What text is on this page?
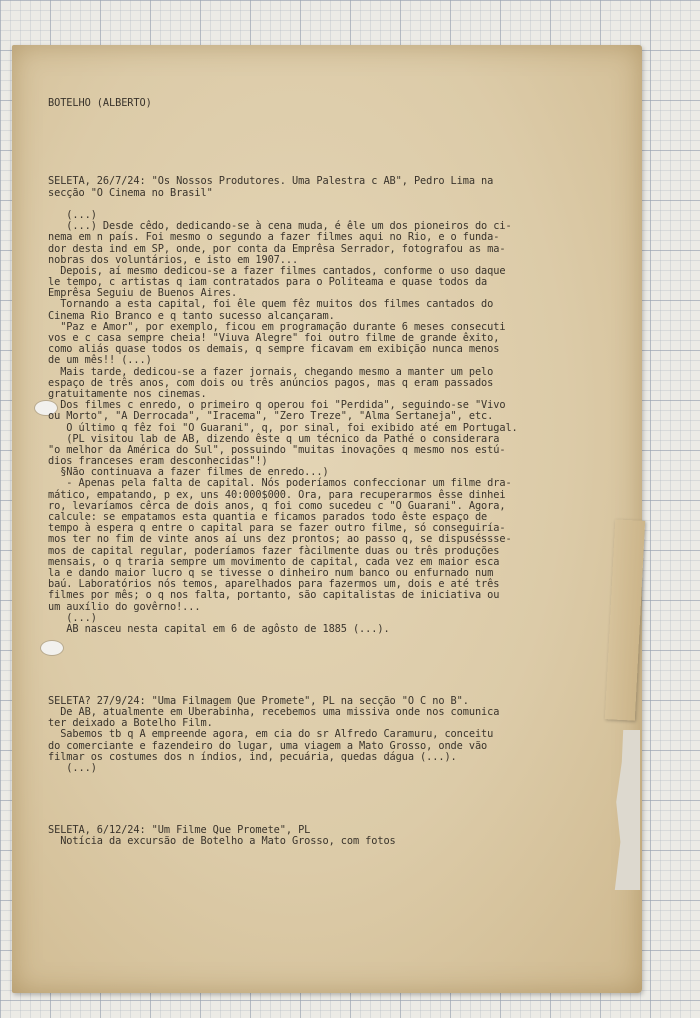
BOTELHO (ALBERTO)

SELETA, 26/7/24: "Os Nossos Produtores. Uma Palestra c AB", Pedro Lima na
secção "O Cinema no Brasil"
(...)
(...) Desde cêdo, dedicando-se à cena muda, é êle um dos pioneiros do ci-
nema em n país. Foi mesmo o segundo a fazer filmes aqui no Rio, e o funda-
dor desta ind em SP, onde, por conta da Emprêsa Serrador, fotografou as ma-
nobras dos voluntários, e isto em 1907...
Depois, aí mesmo dedicou-se a fazer filmes cantados, conforme o uso daque
le tempo, c artistas q iam contratados para o Politeama e quase todos da
Emprêsa Seguiu de Buenos Aires.
Tornando a esta capital, foi êle quem fêz muitos dos filmes cantados do
Cinema Rio Branco e q tanto sucesso alcançaram.
"Paz e Amor", por exemplo, ficou em programação durante 6 meses consecuti
vos e c casa sempre cheia! "Viuva Alegre" foi outro filme de grande êxito,
como aliás quase todos os demais, q sempre ficavam em exibição nunca menos
de um mês!! (...)
Mais tarde, dedicou-se a fazer jornais, chegando mesmo a manter um pelo
espaço de três anos, com dois ou três anúncios pagos, mas q eram passados
gratuitamente nos cinemas.
Dos filmes c enredo, o primeiro q operou foi "Perdida", seguindo-se "Vivo
ou Morto", "A Derrocada", "Iracema", "Zero Treze", "Alma Sertaneja", etc.
O último q fêz foi "O Guarani", q, por sinal, foi exibido até em Portugal.
(PL visitou lab de AB, dizendo êste q um técnico da Pathé o considerara
"o melhor da América do Sul", possuindo "muitas inovações q mesmo nos estú-
dios franceses eram desconhecidas"!)
§Não continuava a fazer filmes de enredo...)
- Apenas pela falta de capital. Nós poderíamos confeccionar um filme dra-
mático, empatando, p ex, uns 40:000$000. Ora, para recuperarmos êsse dinhei
ro, levaríamos cêrca de dois anos, q foi como sucedeu c "O Guarani". Agora,
calcule: se empatamos esta quantia e ficamos parados todo êste espaço de
tempo à espera q entre o capital para se fazer outro filme, só conseguiría-
mos ter no fim de vinte anos aí uns dez prontos; ao passo q, se dispuséssse-
mos de capital regular, poderíamos fazer fàcilmente duas ou três produções
mensais, o q traria sempre um movimento de capital, cada vez em maior esca
la e dando maior lucro q se tivesse o dinheiro num banco ou enfurnado num
baú. Laboratórios nós temos, aparelhados para fazermos um, dois e até três
filmes por mês; o q nos falta, portanto, são capitalistas de iniciativa ou
um auxílio do govêrno!...
(...)
AB nasceu nesta capital em 6 de agôsto de 1885 (...).

SELETA? 27/9/24: "Uma Filmagem Que Promete", PL na secção "O C no B".
De AB, atualmente em Uberabinha, recebemos uma missiva onde nos comunica
ter deixado a Botelho Film.
Sabemos tb q A empreende agora, em cia do sr Alfredo Caramuru, conceitu
do comerciante e fazendeiro do lugar, uma viagem a Mato Grosso, onde vão
filmar os costumes dos n índios, ind, pecuária, quedas dágua (...).
(...)

SELETA, 6/12/24: "Um Filme Que Promete", PL
Notícia da excursão de Botelho a Mato Grosso, com fotos
